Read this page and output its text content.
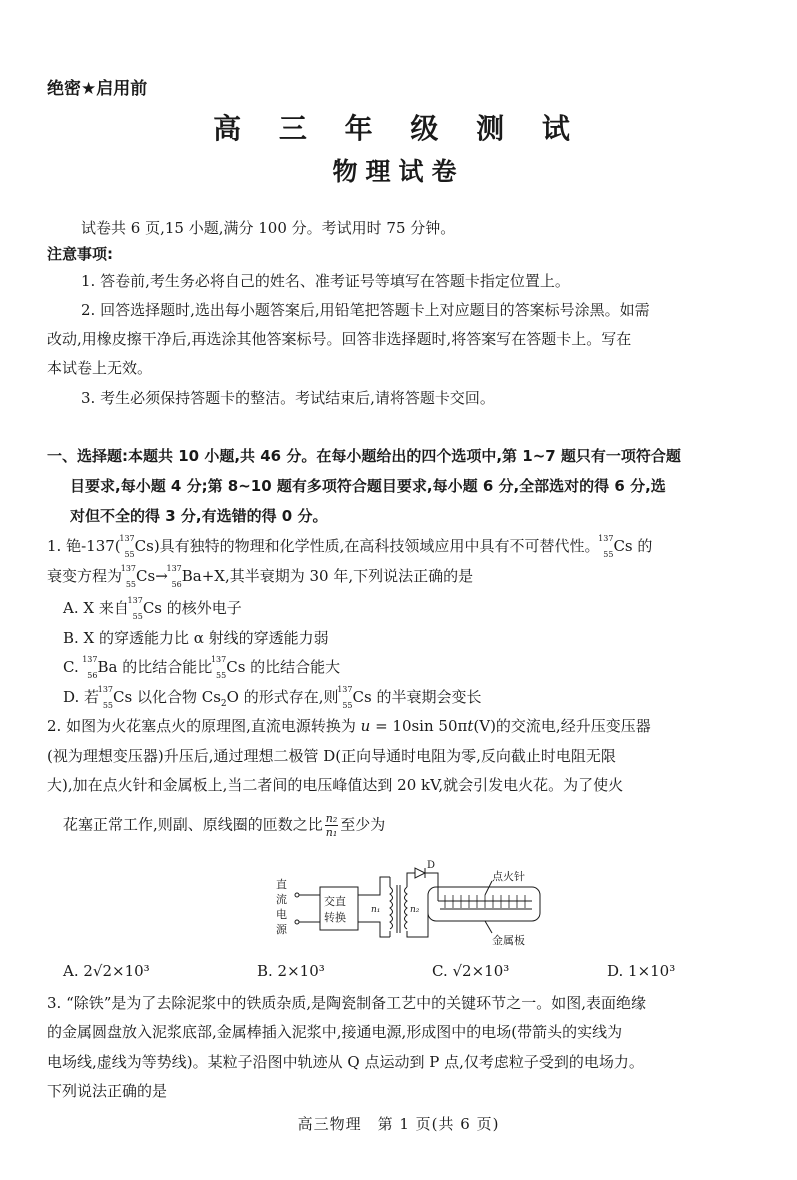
绝密★启用前
高 三 年 级 测 试
物理试卷
试卷共 6 页,15 小题,满分 100 分。考试用时 75 分钟。
注意事项:
1. 答卷前,考生务必将自己的姓名、准考证号等填写在答题卡指定位置上。
2. 回答选择题时,选出每小题答案后,用铅笔把答题卡上对应题目的答案标号涂黑。如需
改动,用橡皮擦干净后,再选涂其他答案标号。回答非选择题时,将答案写在答题卡上。写在
本试卷上无效。
3. 考生必须保持答题卡的整洁。考试结束后,请将答题卡交回。
一、选择题:本题共 10 小题,共 46 分。在每小题给出的四个选项中,第 1~7 题只有一项符合题
目要求,每小题 4 分;第 8~10 题有多项符合题目要求,每小题 6 分,全部选对的得 6 分,选
对但不全的得 3 分,有选错的得 0 分。
1. 铯-137(
137
55 Cs)具有独特的物理和化学性质,在高科技领域应用中具有不可替代性。
137
55 Cs 的
衰变方程为
137
55 Cs→
137
56 Ba+X,其半衰期为 30 年,下列说法正确的是
A. X 来自
137
55 Cs 的核外电子
B. X 的穿透能力比 α 射线的穿透能力弱
C.
137
56 Ba 的比结合能比
137
55 Cs 的比结合能大
D. 若
137
55 Cs 以化合物 $Cs_2O$ 的形式存在,则
137
55 Cs 的半衰期会变长
2. 如图为火花塞点火的原理图,直流电源转换为 u = 10sin 50πt(V)的交流电,经升压变压器
(视为理想变压器)升压后,通过理想二极管 D(正向导通时电阻为零,反向截止时电阻无限
大),加在点火针和金属板上,当二者间的电压峰值达到 20 kV,就会引发电火花。为了使火
花塞正常工作,则副、原线圈的匝数之比 $\frac{\text{n₂}}{\text{n₁}}$ 至少为
直
流
电
源
交直
转换
n₁	n₂
D
点火针
金属板
A. 2√2×10³	B. 2×10³	C. √2×10³	D. 1×10³
3. “除铁”是为了去除泥浆中的铁质杂质,是陶瓷制备工艺中的关键环节之一。如图,表面绝缘
的金属圆盘放入泥浆底部,金属棒插入泥浆中,接通电源,形成图中的电场(带箭头的实线为
电场线,虚线为等势线)。某粒子沿图中轨迹从 Q 点运动到 P 点,仅考虑粒子受到的电场力。
下列说法正确的是
高三物理　第 1 页(共 6 页)
